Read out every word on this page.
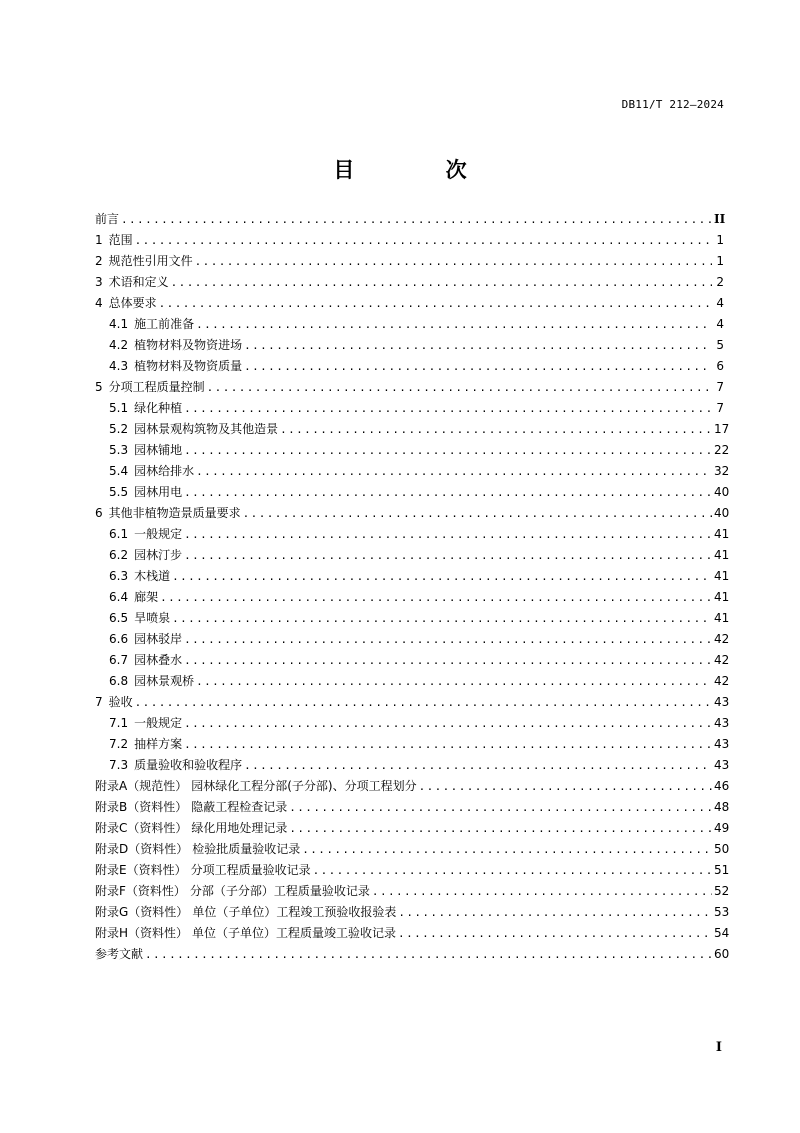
DB11/T 212—2024
目 次
前言 .....	II
1 范围 .....	1
2 规范性引用文件 .....	1
3 术语和定义 .....	2
4 总体要求 .....	4
4.1 施工前准备 .....	4
4.2 植物材料及物资进场 .....	5
4.3 植物材料及物资质量 .....	6
5 分项工程质量控制 .....	7
5.1 绿化种植 .....	7
5.2 园林景观构筑物及其他造景 .....	17
5.3 园林铺地 .....	22
5.4 园林给排水 .....	32
5.5 园林用电 .....	40
6 其他非植物造景质量要求 .....	40
6.1 一般规定 .....	41
6.2 园林汀步 .....	41
6.3 木栈道 .....	41
6.4 廊架 .....	41
6.5 旱喷泉 .....	41
6.6 园林驳岸 .....	42
6.7 园林叠水 .....	42
6.8 园林景观桥 .....	42
7 验收 .....	43
7.1 一般规定 .....	43
7.2 抽样方案 .....	43
7.3 质量验收和验收程序 .....	43
附录A（规范性） 园林绿化工程分部(子分部)、分项工程划分 .....	46
附录B（资料性） 隐蔽工程检查记录 .....	48
附录C（资料性） 绿化用地处理记录 .....	49
附录D（资料性） 检验批质量验收记录 .....	50
附录E（资料性） 分项工程质量验收记录 .....	51
附录F（资料性） 分部（子分部）工程质量验收记录 .....	52
附录G（资料性） 单位（子单位）工程竣工预验收报验表 .....	53
附录H（资料性） 单位（子单位）工程质量竣工验收记录 .....	54
参考文献 .....	60
I
